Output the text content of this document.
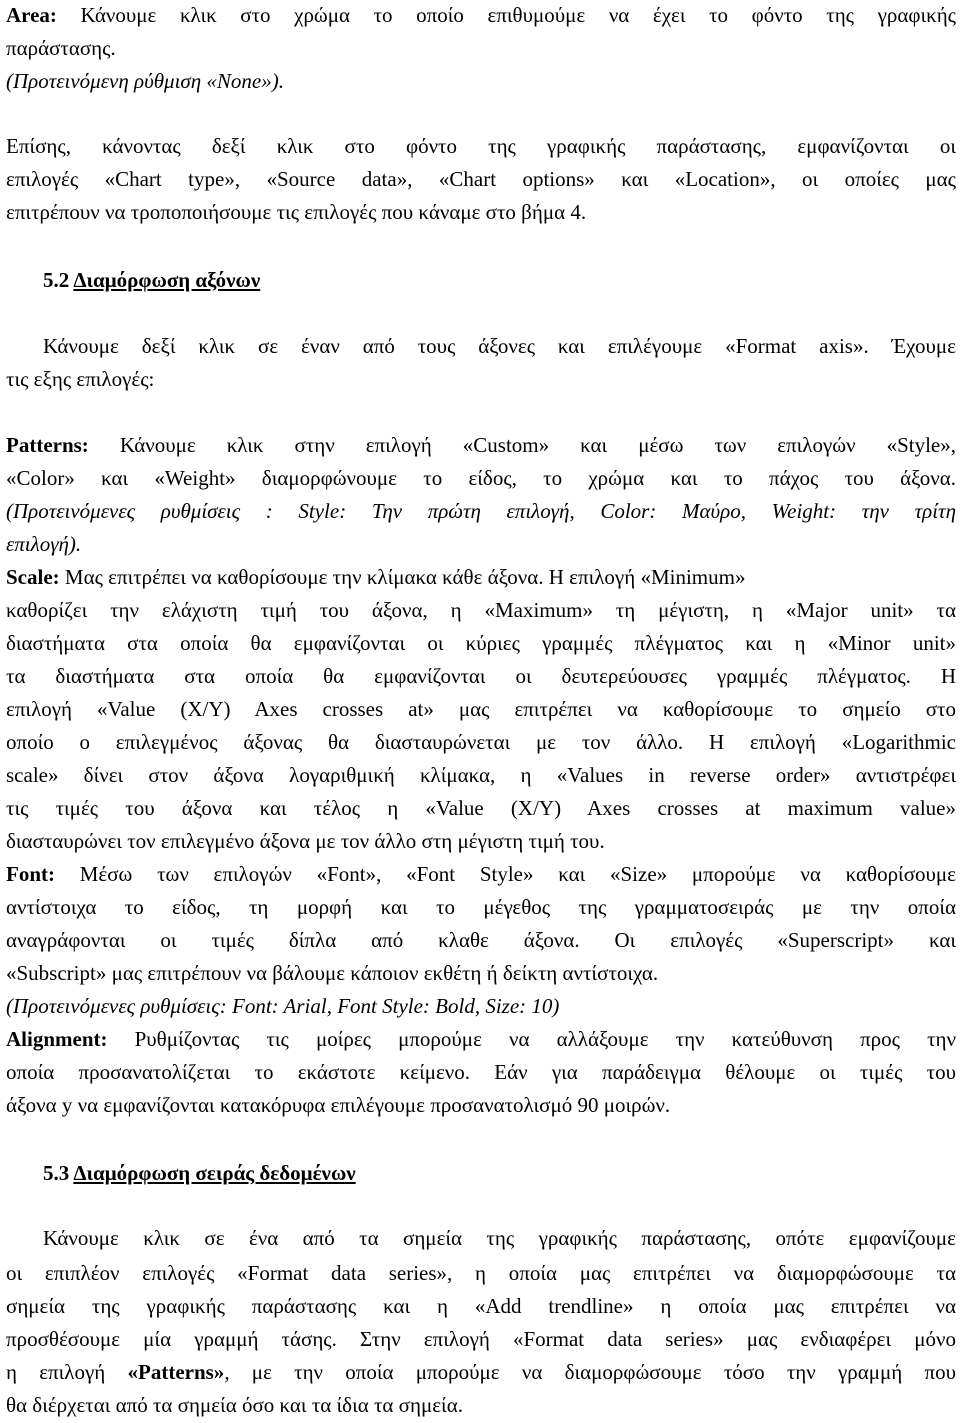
Area: Κάνουμε κλικ στο χρώμα το οποίο επιθυμούμε να έχει το φόντο της γραφικής
παράστασης.
(Προτεινόμενη ρύθμιση «None»).
Επίσης, κάνοντας δεξί κλικ στο φόντο της γραφικής παράστασης, εμφανίζονται οι
επιλογές «Chart type», «Source data», «Chart options» και «Location», οι οποίες μας
επιτρέπουν να τροποποιήσουμε τις επιλογές που κάναμε στο βήμα 4.
5.2 Διαμόρφωση αξόνων
Κάνουμε δεξί κλικ σε έναν από τους άξονες και επιλέγουμε «Format axis». Έχουμε
τις εξης επιλογές:
Patterns: Κάνουμε κλικ στην επιλογή «Custom» και μέσω των επιλογών «Style»,
«Color» και «Weight» διαμορφώνουμε το είδος, το χρώμα και το πάχος του άξονα.
(Προτεινόμενες ρυθμίσεις : Style: Την πρώτη επιλογή, Color: Μαύρο, Weight: την τρίτη
επιλογή).
Scale: Μας επιτρέπει να καθορίσουμε την κλίμακα κάθε άξονα. Η επιλογή «Minimum»
καθορίζει την ελάχιστη τιμή του άξονα, η «Maximum» τη μέγιστη, η «Major unit» τα
διαστήματα στα οποία θα εμφανίζονται οι κύριες γραμμές πλέγματος και η «Minor unit»
τα διαστήματα στα οποία θα εμφανίζονται οι δευτερεύουσες γραμμές πλέγματος. Η
επιλογή «Value (X/Y) Axes crosses at» μας επιτρέπει να καθορίσουμε το σημείο στο
οποίο ο επιλεγμένος άξονας θα διασταυρώνεται με τον άλλο. Η επιλογή «Logarithmic
scale» δίνει στον άξονα λογαριθμική κλίμακα, η «Values in reverse order» αντιστρέφει
τις τιμές του άξονα και τέλος η «Value (X/Y) Axes crosses at maximum value»
διασταυρώνει τον επιλεγμένο άξονα με τον άλλο στη μέγιστη τιμή του.
Font: Μέσω των επιλογών «Font», «Font Style» και «Size» μπορούμε να καθορίσουμε
αντίστοιχα το είδος, τη μορφή και το μέγεθος της γραμματοσειράς με την οποία
αναγράφονται οι τιμές δίπλα από κλαθε άξονα. Οι επιλογές «Superscript» και
«Subscript» μας επιτρέπουν να βάλουμε κάποιον εκθέτη ή δείκτη αντίστοιχα.
(Προτεινόμενες ρυθμίσεις: Font: Arial, Font Style: Bold, Size: 10)
Alignment: Ρυθμίζοντας τις μοίρες μπορούμε να αλλάξουμε την κατεύθυνση προς την
οποία προσανατολίζεται το εκάστοτε κείμενο. Εάν για παράδειγμα θέλουμε οι τιμές του
άξονα y να εμφανίζονται κατακόρυφα επιλέγουμε προσανατολισμό 90 μοιρών.
5.3 Διαμόρφωση σειράς δεδομένων
Κάνουμε κλικ σε ένα από τα σημεία της γραφικής παράστασης, οπότε εμφανίζουμε
οι επιπλέον επιλογές «Format data series», η οποία μας επιτρέπει να διαμορφώσουμε τα
σημεία της γραφικής παράστασης και η «Add trendline» η οποία μας επιτρέπει να
προσθέσουμε μία γραμμή τάσης. Στην επιλογή «Format data series» μας ενδιαφέρει μόνο
η επιλογή «Patterns», με την οποία μπορούμε να διαμορφώσουμε τόσο την γραμμή που
θα διέρχεται από τα σημεία όσο και τα ίδια τα σημεία.
